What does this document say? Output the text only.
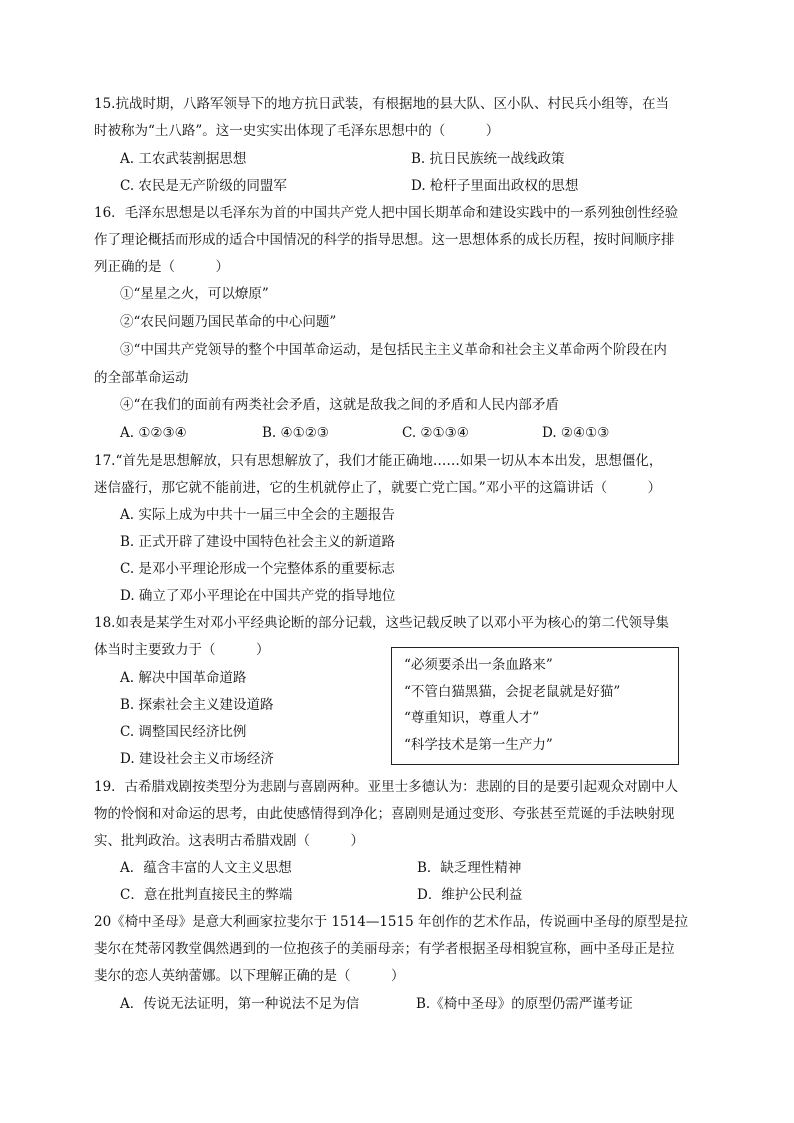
15.抗战时期，八路军领导下的地方抗日武装，有根据地的县大队、区小队、村民兵小组等，在当
时被称为“土八路”。这一史实实出体现了毛泽东思想中的（　　　）
A. 工农武装割据思想	B. 抗日民族统一战线政策
C. 农民是无产阶级的同盟军	D. 枪杆子里面出政权的思想
16．毛泽东思想是以毛泽东为首的中国共产党人把中国长期革命和建设实践中的一系列独创性经验
作了理论概括而形成的适合中国情况的科学的指导思想。这一思想体系的成长历程，按时间顺序排
列正确的是（　　　）
①“星星之火，可以燎原”
②“农民问题乃国民革命的中心问题”
③“中国共产党领导的整个中国革命运动，是包括民主主义革命和社会主义革命两个阶段在内
的全部革命运动
④“在我们的面前有两类社会矛盾，这就是敌我之间的矛盾和人民内部矛盾
A. ①②③④	B. ④①②③	C. ②①③④	D. ②④①③
17.“首先是思想解放，只有思想解放了，我们才能正确地……如果一切从本本出发，思想僵化，
迷信盛行，那它就不能前进，它的生机就停止了，就要亡党亡国。”邓小平的这篇讲话（　　　）
A. 实际上成为中共十一届三中全会的主题报告
B. 正式开辟了建设中国特色社会主义的新道路
C. 是邓小平理论形成一个完整体系的重要标志
D. 确立了邓小平理论在中国共产党的指导地位
18.如表是某学生对邓小平经典论断的部分记载，这些记载反映了以邓小平为核心的第二代领导集
体当时主要致力于（　　　）
A. 解决中国革命道路
B. 探索社会主义建设道路
C. 调整国民经济比例
D. 建设社会主义市场经济
“必须要杀出一条血路来”
“不管白猫黑猫，会捉老鼠就是好猫”
“尊重知识，尊重人才”
“科学技术是第一生产力”
19．古希腊戏剧按类型分为悲剧与喜剧两种。亚里士多德认为：悲剧的目的是要引起观众对剧中人
物的怜悯和对命运的思考，由此使感情得到净化；喜剧则是通过变形、夸张甚至荒诞的手法映射现
实、批判政治。这表明古希腊戏剧（　　　）
A．蕴含丰富的人文主义思想	B．缺乏理性精神
C．意在批判直接民主的弊端	D．维护公民利益
20《椅中圣母》是意大利画家拉斐尔于 1514—1515 年创作的艺术作品，传说画中圣母的原型是拉
斐尔在梵蒂冈教堂偶然遇到的一位抱孩子的美丽母亲；有学者根据圣母相貌宣称，画中圣母正是拉
斐尔的恋人英纳蕾娜。以下理解正确的是（　　　）
A．传说无法证明，第一种说法不足为信	B.《椅中圣母》的原型仍需严谨考证
